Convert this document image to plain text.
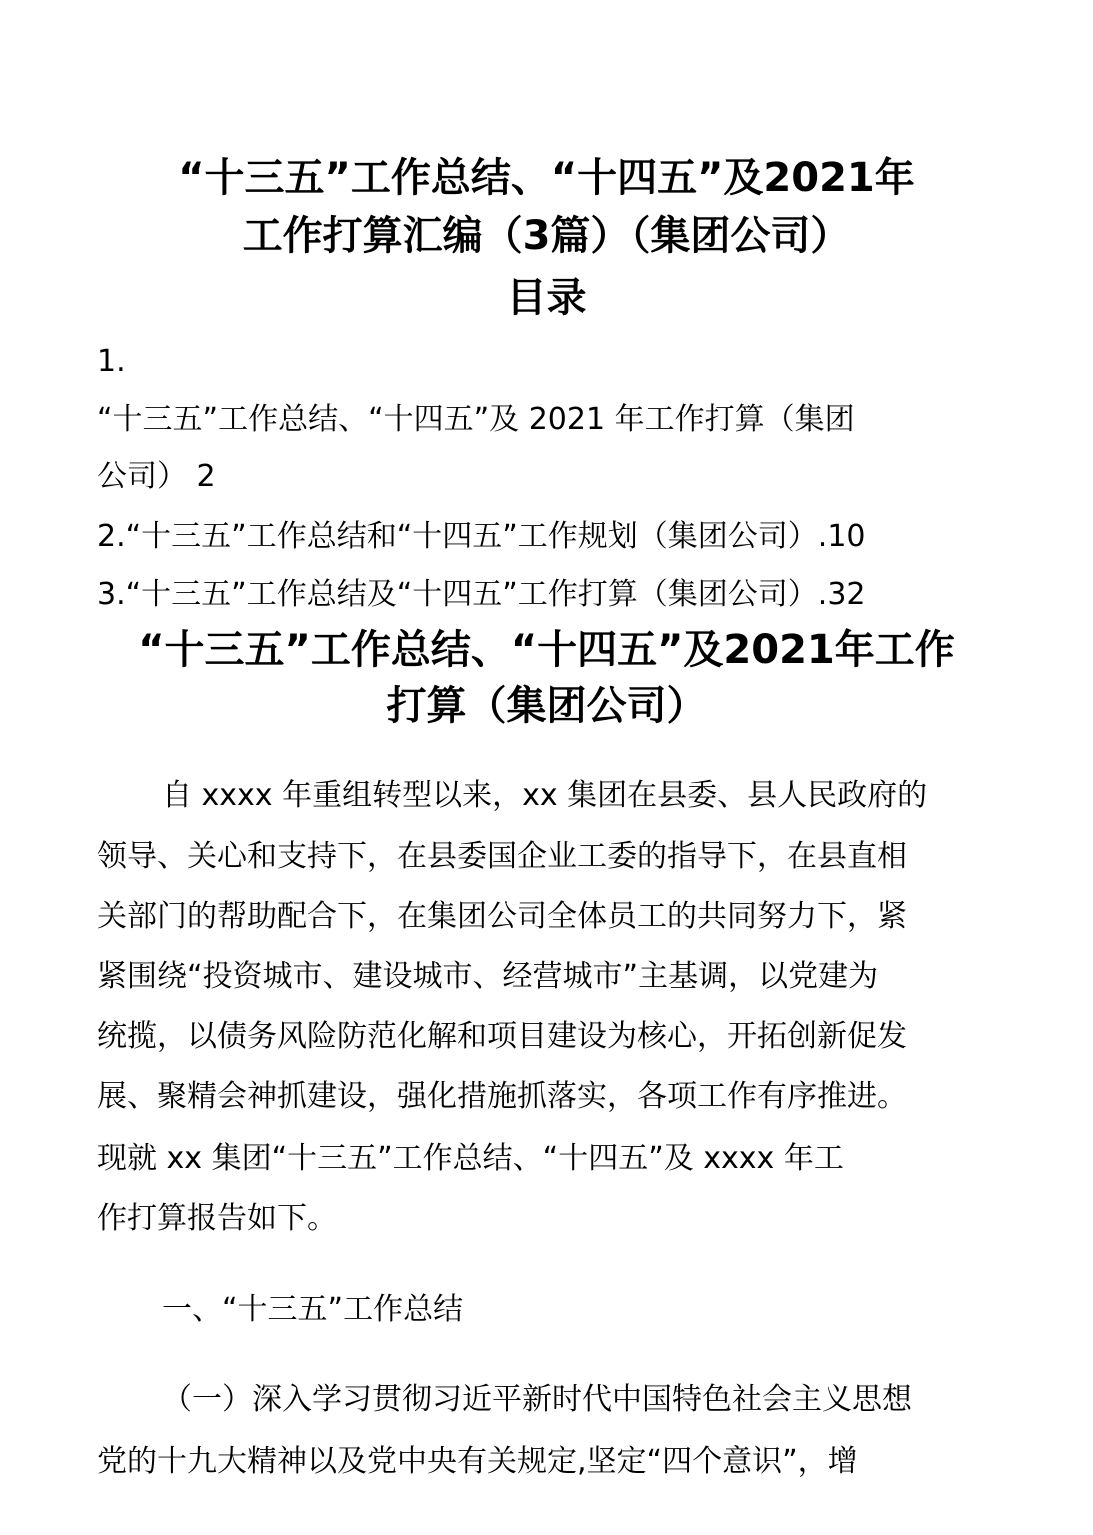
“十三五”工作总结、“十四五”及2021年
工作打算汇编（3篇）（集团公司）
目录
1.
“十三五”工作总结、“十四五”及 2021 年工作打算（集团
公司） 2
2.“十三五”工作总结和“十四五”工作规划（集团公司）.10
3.“十三五”工作总结及“十四五”工作打算（集团公司）.32
“十三五”工作总结、“十四五”及2021年工作
打算（集团公司）
自 xxxx 年重组转型以来，xx 集团在县委、县人民政府的
领导、关心和支持下，在县委国企业工委的指导下，在县直相
关部门的帮助配合下，在集团公司全体员工的共同努力下，紧
紧围绕“投资城市、建设城市、经营城市”主基调，以党建为
统揽，以债务风险防范化解和项目建设为核心，开拓创新促发
展、聚精会神抓建设，强化措施抓落实，各项工作有序推进。
现就 xx 集团“十三五”工作总结、“十四五”及 xxxx 年工
作打算报告如下。
一、“十三五”工作总结
（一）深入学习贯彻习近平新时代中国特色社会主义思想
党的十九大精神以及党中央有关规定,坚定“四个意识”，增
